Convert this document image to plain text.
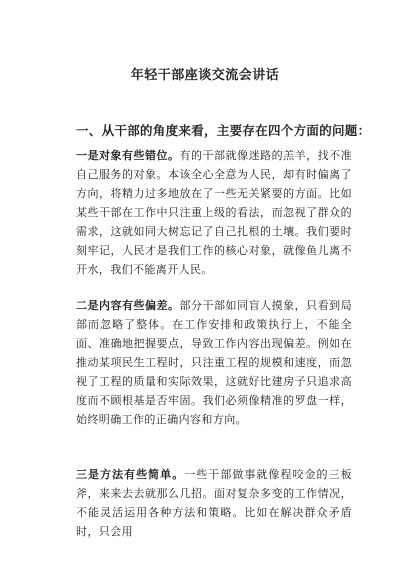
年轻干部座谈交流会讲话
一、从干部的角度来看，主要存在四个方面的问题：

一是对象有些错位。有的干部就像迷路的羔羊，找不准自己服务的对象。本该全心全意为人民，却有时偏离了方向，将精力过多地放在了一些无关紧要的方面。比如某些干部在工作中只注重上级的看法，而忽视了群众的需求，这就如同大树忘记了自己扎根的土壤。我们要时刻牢记，人民才是我们工作的核心对象，就像鱼儿离不开水，我们不能离开人民。

二是内容有些偏差。部分干部如同盲人摸象，只看到局部而忽略了整体。在工作安排和政策执行上，不能全面、准确地把握要点，导致工作内容出现偏差。例如在推动某项民生工程时，只注重工程的规模和速度，而忽视了工程的质量和实际效果，这就好比建房子只追求高度而不顾根基是否牢固。我们必须像精准的罗盘一样，始终明确工作的正确内容和方向。

三是方法有些简单。一些干部做事就像程咬金的三板斧，来来去去就那么几招。面对复杂多变的工作情况，不能灵活运用各种方法和策略。比如在解决群众矛盾时，只会用
